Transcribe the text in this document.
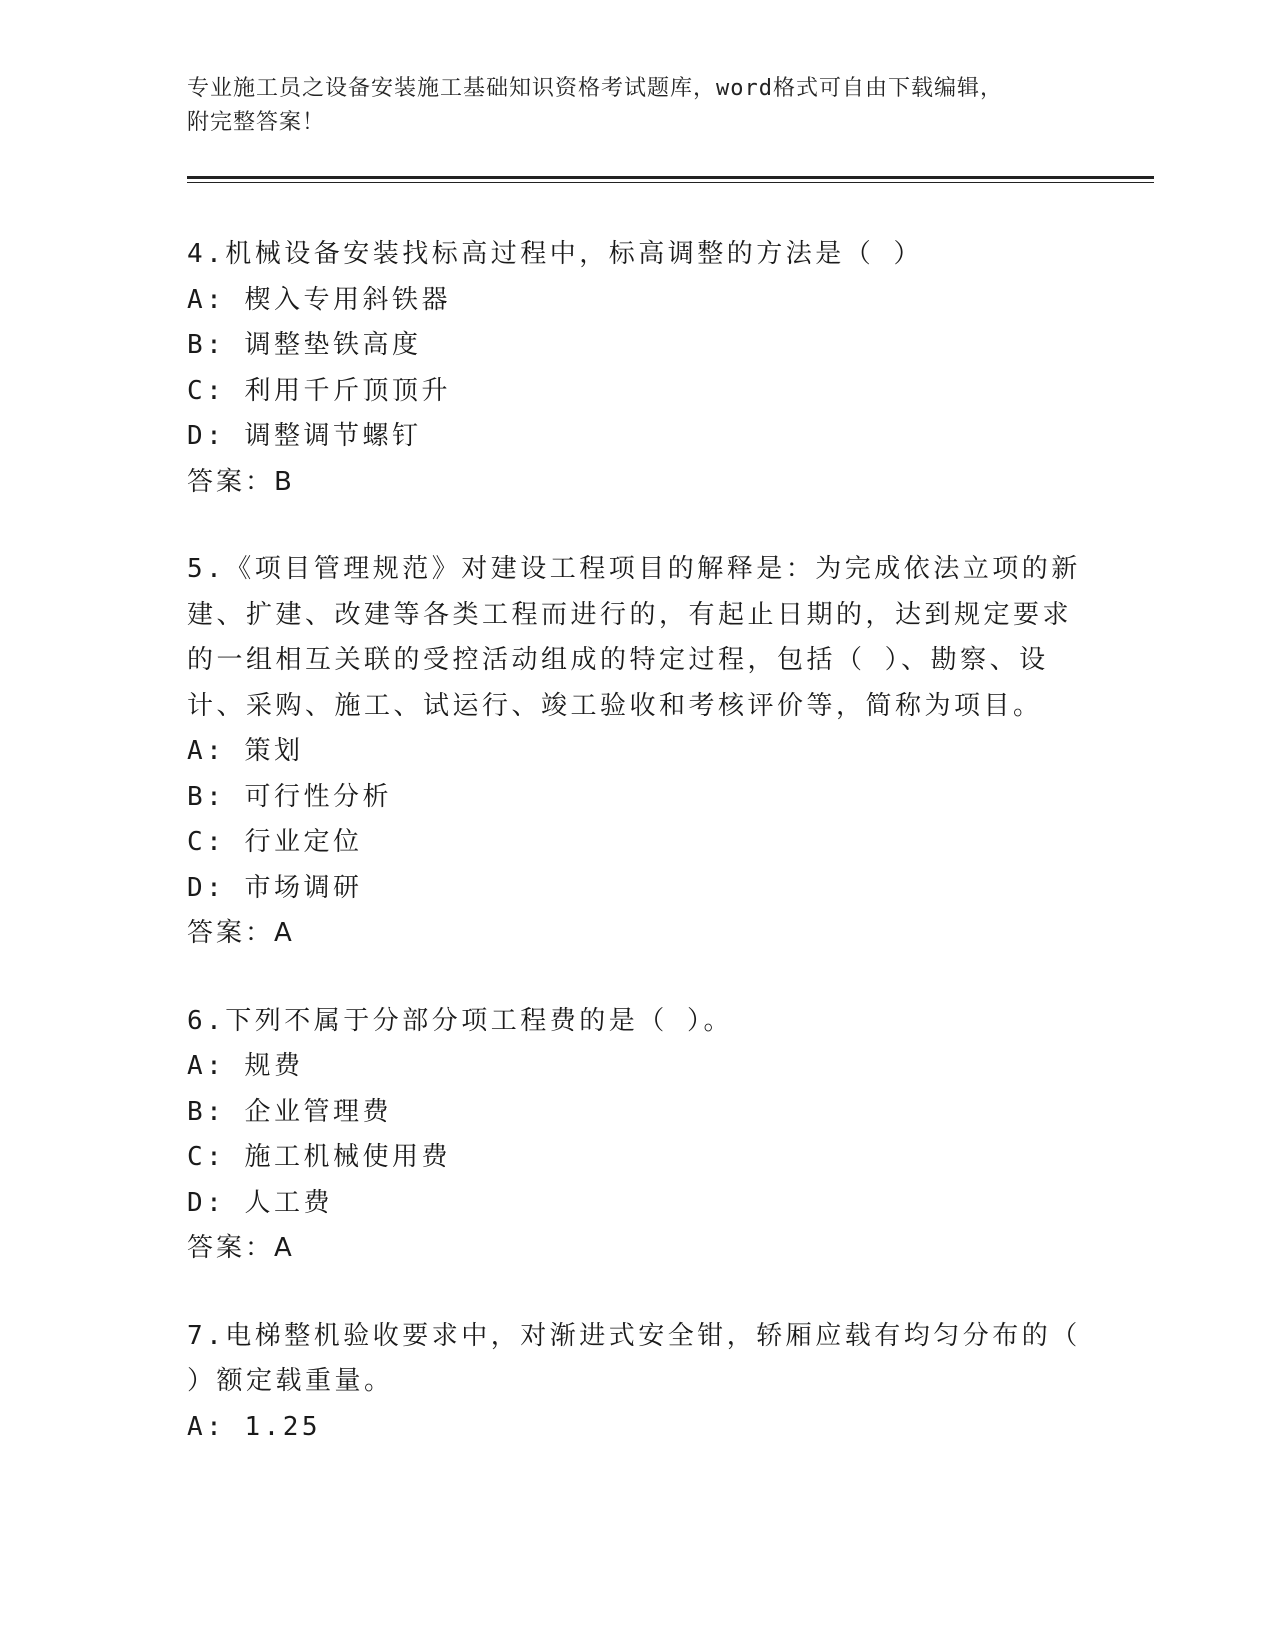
专业施工员之设备安装施工基础知识资格考试题库，word格式可自由下载编辑，
附完整答案！

4.机械设备安装找标高过程中，标高调整的方法是（ ）

A: 楔入专用斜铁器

B: 调整垫铁高度

C: 利用千斤顶顶升

D: 调整调节螺钉

答案：B

5.《项目管理规范》对建设工程项目的解释是：为完成依法立项的新建、扩建、改建等各类工程而进行的，有起止日期的，达到规定要求的一组相互关联的受控活动组成的特定过程，包括（ ）、勘察、设计、采购、施工、试运行、竣工验收和考核评价等，简称为项目。

A: 策划

B: 可行性分析

C: 行业定位

D: 市场调研

答案：A

6.下列不属于分部分项工程费的是（ ）。

A: 规费

B: 企业管理费

C: 施工机械使用费

D: 人工费

答案：A

7.电梯整机验收要求中，对渐进式安全钳，轿厢应载有均匀分布的（ ）额定载重量。

A: 1.25
